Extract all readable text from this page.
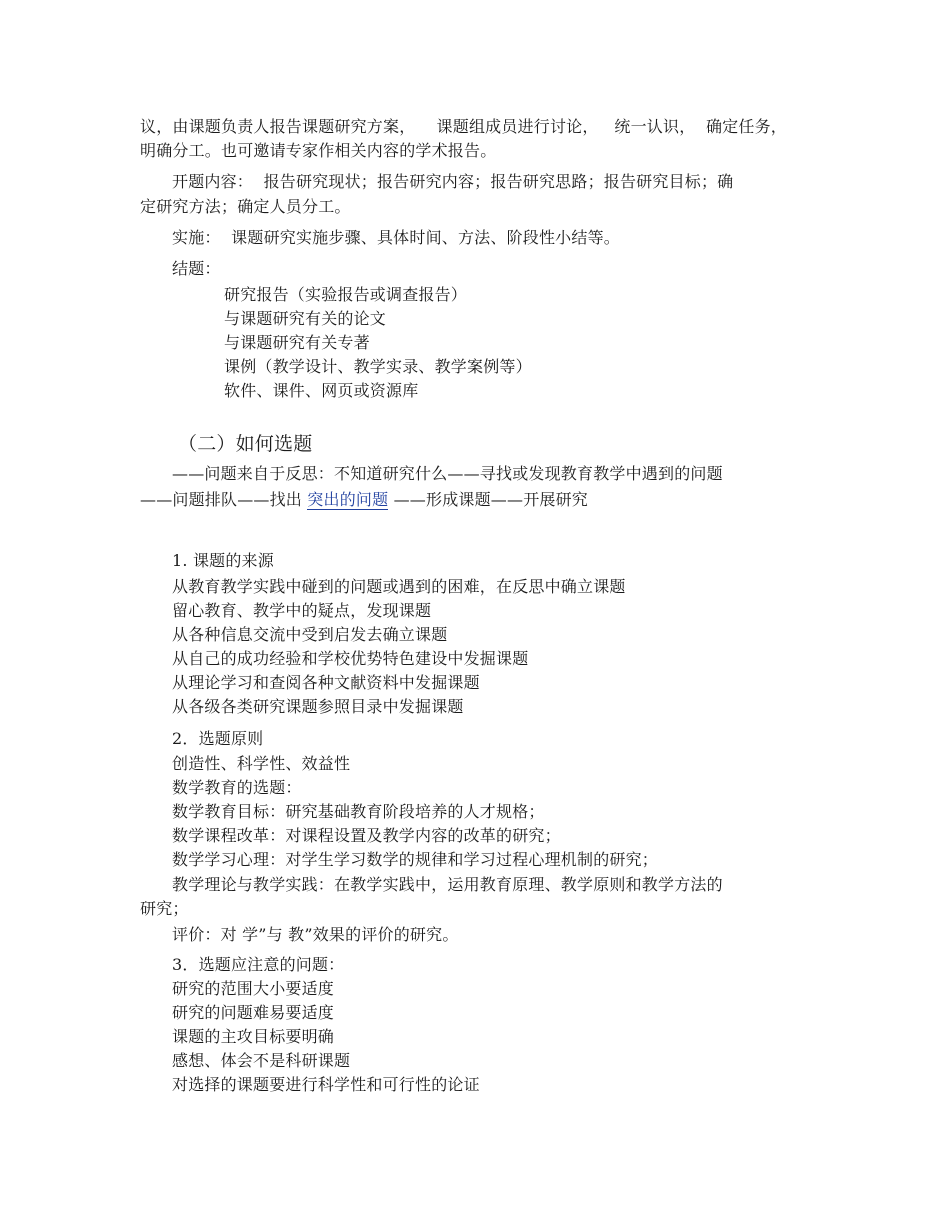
议，由课题负责人报告课题研究方案，    课题组成员进行讨论，   统一认识，  确定任务，
明确分工。也可邀请专家作相关内容的学术报告。
开题内容：  报告研究现状；报告研究内容；报告研究思路；报告研究目标；确
定研究方法；确定人员分工。
实施：  课题研究实施步骤、具体时间、方法、阶段性小结等。
结题：
研究报告（实验报告或调查报告）
与课题研究有关的论文
与课题研究有关专著
课例（教学设计、教学实录、教学案例等）
软件、课件、网页或资源库
（二）如何选题
——问题来自于反思：不知道研究什么——寻找或发现教育教学中遇到的问题
——问题排队——找出 突出的问题 ——形成课题——开展研究
1. 课题的来源
从教育教学实践中碰到的问题或遇到的困难，在反思中确立课题
留心教育、教学中的疑点，发现课题
从各种信息交流中受到启发去确立课题
从自己的成功经验和学校优势特色建设中发掘课题
从理论学习和查阅各种文献资料中发掘课题
从各级各类研究课题参照目录中发掘课题
2．选题原则
创造性、科学性、效益性
数学教育的选题：
数学教育目标：研究基础教育阶段培养的人才规格；
数学课程改革：对课程设置及教学内容的改革的研究；
数学学习心理：对学生学习数学的规律和学习过程心理机制的研究；
教学理论与教学实践：在教学实践中，运用教育原理、教学原则和教学方法的
研究；
评价：对 学”与 教”效果的评价的研究。
3．选题应注意的问题：
研究的范围大小要适度
研究的问题难易要适度
课题的主攻目标要明确
感想、体会不是科研课题
对选择的课题要进行科学性和可行性的论证
